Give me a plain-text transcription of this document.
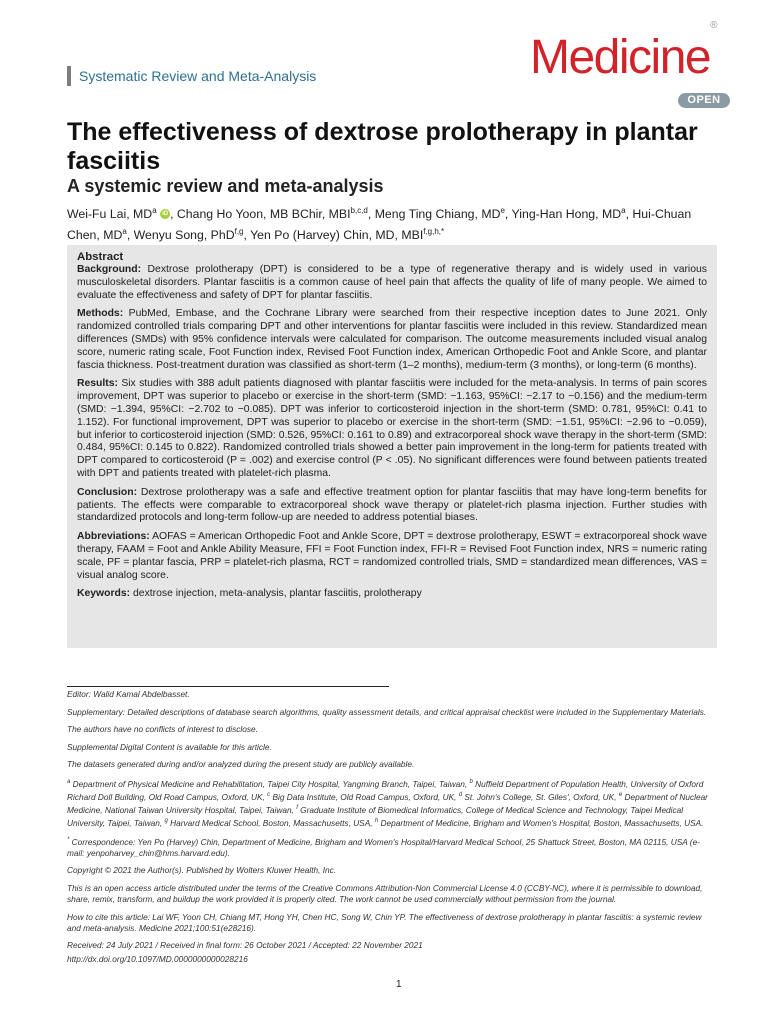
Systematic Review and Meta-Analysis	Medicine®
OPEN
The effectiveness of dextrose prolotherapy in plantar fasciitis
A systemic review and meta-analysis
Wei-Fu Lai, $MD^a$ iD , Chang Ho Yoon, MB BChir, MBI$^{b,c,d}$, Meng Ting Chiang, MDe, Ying-Han Hong, $MD^a$, Hui-Chuan Chen, $MD^a$, Wenyu Song, PhD$^{f,g}$, Yen Po (Harvey) Chin, MD, $MBI^{f,g,h,*}$
Abstract

Background: Dextrose prolotherapy (DPT) is considered to be a type of regenerative therapy and is widely used in various musculoskeletal disorders. Plantar fasciitis is a common cause of heel pain that affects the quality of life of many people. We aimed to evaluate the effectiveness and safety of DPT for plantar fasciitis.

Methods: PubMed, Embase, and the Cochrane Library were searched from their respective inception dates to June 2021. Only randomized controlled trials comparing DPT and other interventions for plantar fasciitis were included in this review. Standardized mean differences (SMDs) with 95% confidence intervals were calculated for comparison. The outcome measurements included visual analog score, numeric rating scale, Foot Function index, Revised Foot Function index, American Orthopedic Foot and Ankle Score, and plantar fascia thickness. Post-treatment duration was classified as short-term (1–2 months), medium-term (3 months), or long-term (6 months).

Results: Six studies with 388 adult patients diagnosed with plantar fasciitis were included for the meta-analysis. In terms of pain scores improvement, DPT was superior to placebo or exercise in the short-term (SMD: −1.163, 95%CI: −2.17 to −0.156) and the medium-term (SMD: −1.394, 95%CI: −2.702 to −0.085). DPT was inferior to corticosteroid injection in the short-term (SMD: 0.781, 95%CI: 0.41 to 1.152). For functional improvement, DPT was superior to placebo or exercise in the short-term (SMD: −1.51, 95%CI: −2.96 to −0.059), but inferior to corticosteroid injection (SMD: 0.526, 95%CI: 0.161 to 0.89) and extracorporeal shock wave therapy in the short-term (SMD: 0.484, 95%CI: 0.145 to 0.822). Randomized controlled trials showed a better pain improvement in the long-term for patients treated with DPT compared to corticosteroid (P = .002) and exercise control (P < .05). No significant differences were found between patients treated with DPT and patients treated with platelet-rich plasma.

Conclusion: Dextrose prolotherapy was a safe and effective treatment option for plantar fasciitis that may have long-term benefits for patients. The effects were comparable to extracorporeal shock wave therapy or platelet-rich plasma injection. Further studies with standardized protocols and long-term follow-up are needed to address potential biases.

Abbreviations: AOFAS = American Orthopedic Foot and Ankle Score, DPT = dextrose prolotherapy, ESWT = extracorporeal shock wave therapy, FAAM = Foot and Ankle Ability Measure, FFI = Foot Function index, FFI-R = Revised Foot Function index, NRS = numeric rating scale, PF = plantar fascia, PRP = platelet-rich plasma, RCT = randomized controlled trials, SMD = standardized mean differences, VAS = visual analog score.

Keywords: dextrose injection, meta-analysis, plantar fasciitis, prolotherapy

Editor: Walid Kamal Abdelbasset.

Supplementary: Detailed descriptions of database search algorithms, quality assessment details, and critical appraisal checklist were included in the Supplementary Materials.

The authors have no conflicts of interest to disclose.

Supplemental Digital Content is available for this article.

The datasets generated during and/or analyzed during the present study are publicly available.

$^a$ Department of Physical Medicine and Rehabilitation, Taipei City Hospital, Yangming Branch, Taipei, Taiwan, $^b$ Nuffield Department of Population Health, University of Oxford Richard Doll Building, Old Road Campus, Oxford, UK, $^c$ Big Data Institute, Old Road Campus, Oxford, UK, $^d$ St. John's College, St. Giles', Oxford, UK, $^e$ Department of Nuclear Medicine, National Taiwan University Hospital, Taipei, Taiwan, $^f$ Graduate Institute of Biomedical Informatics, College of Medical Science and Technology, Taipei Medical University, Taipei, Taiwan, $^g$ Harvard Medical School, Boston, Massachusetts, USA, $^h$ Department of Medicine, Brigham and Women's Hospital, Boston, Massachusetts, USA.

* Correspondence: Yen Po (Harvey) Chin, Department of Medicine, Brigham and Women's Hospital/Harvard Medical School, 25 Shattuck Street, Boston, MA 02115, USA (e-mail: yenpoharvey_chin@hms.harvard.edu).

Copyright © 2021 the Author(s). Published by Wolters Kluwer Health, Inc.

This is an open access article distributed under the terms of the Creative Commons Attribution-Non Commercial License 4.0 (CCBY-NC), where it is permissible to download, share, remix, transform, and buildup the work provided it is properly cited. The work cannot be used commercially without permission from the journal.

How to cite this article: Lai WF, Yoon CH, Chiang MT, Hong YH, Chen HC, Song W, Chin YP. The effectiveness of dextrose prolotherapy in plantar fasciitis: a systemic review and meta-analysis. Medicine 2021;100:51(e28216).

Received: 24 July 2021 / Received in final form: 26 October 2021 / Accepted: 22 November 2021

http://dx.doi.org/10.1097/MD.0000000000028216

1
